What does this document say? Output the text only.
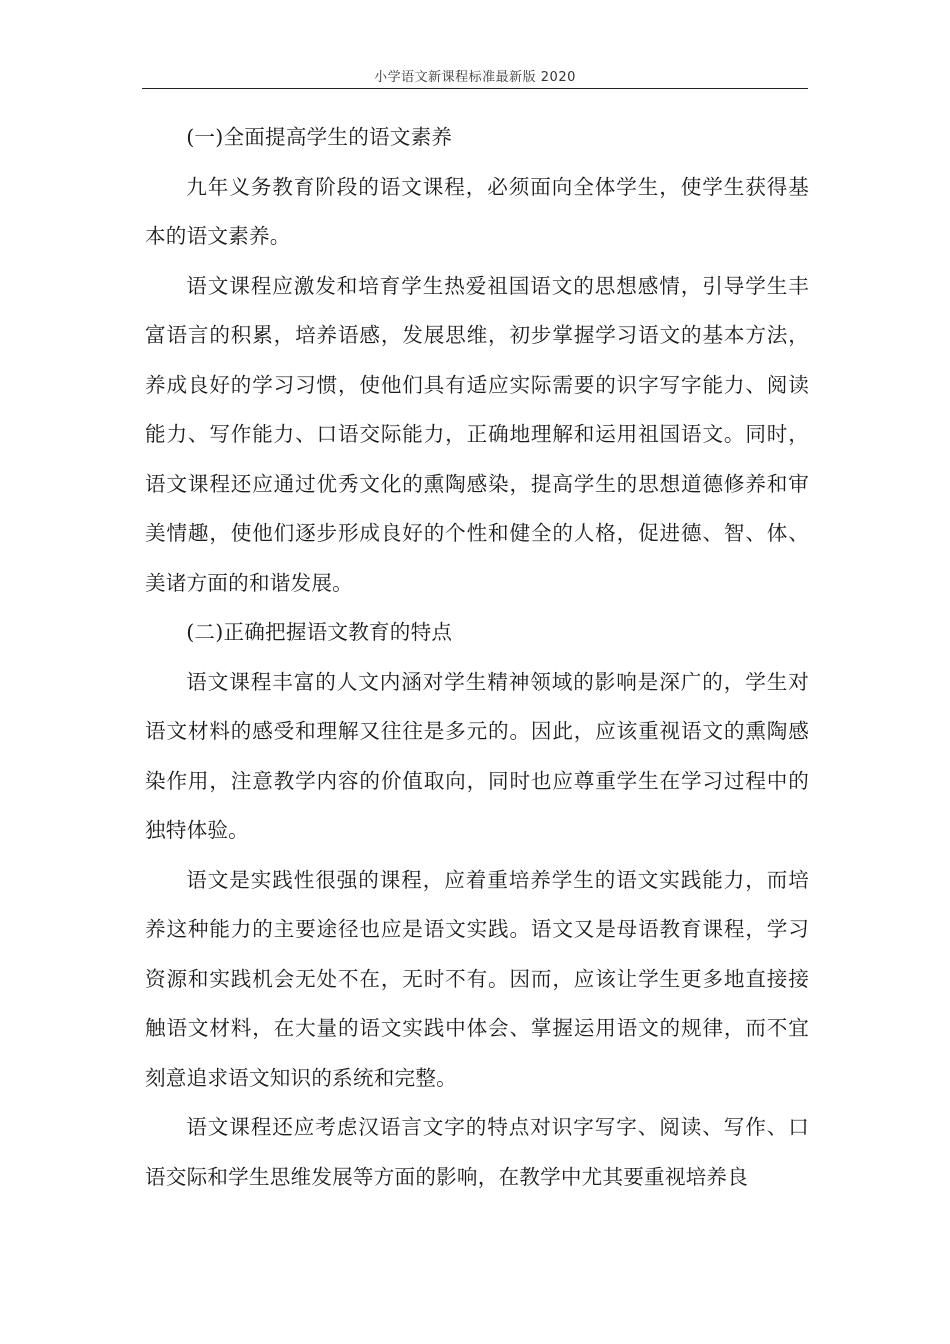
小学语文新课程标准最新版 2020

(一)全面提高学生的语文素养

九年义务教育阶段的语文课程，必须面向全体学生，使学生获得基本的语文素养。

语文课程应激发和培育学生热爱祖国语文的思想感情，引导学生丰富语言的积累，培养语感，发展思维，初步掌握学习语文的基本方法，养成良好的学习习惯，使他们具有适应实际需要的识字写字能力、阅读能力、写作能力、口语交际能力，正确地理解和运用祖国语文。同时，语文课程还应通过优秀文化的熏陶感染，提高学生的思想道德修养和审美情趣，使他们逐步形成良好的个性和健全的人格，促进德、智、体、美诸方面的和谐发展。

(二)正确把握语文教育的特点

语文课程丰富的人文内涵对学生精神领域的影响是深广的，学生对语文材料的感受和理解又往往是多元的。因此，应该重视语文的熏陶感染作用，注意教学内容的价值取向，同时也应尊重学生在学习过程中的独特体验。

语文是实践性很强的课程，应着重培养学生的语文实践能力，而培养这种能力的主要途径也应是语文实践。语文又是母语教育课程，学习资源和实践机会无处不在，无时不有。因而，应该让学生更多地直接接触语文材料，在大量的语文实践中体会、掌握运用语文的规律，而不宜刻意追求语文知识的系统和完整。

语文课程还应考虑汉语言文字的特点对识字写字、阅读、写作、口语交际和学生思维发展等方面的影响，在教学中尤其要重视培养良
